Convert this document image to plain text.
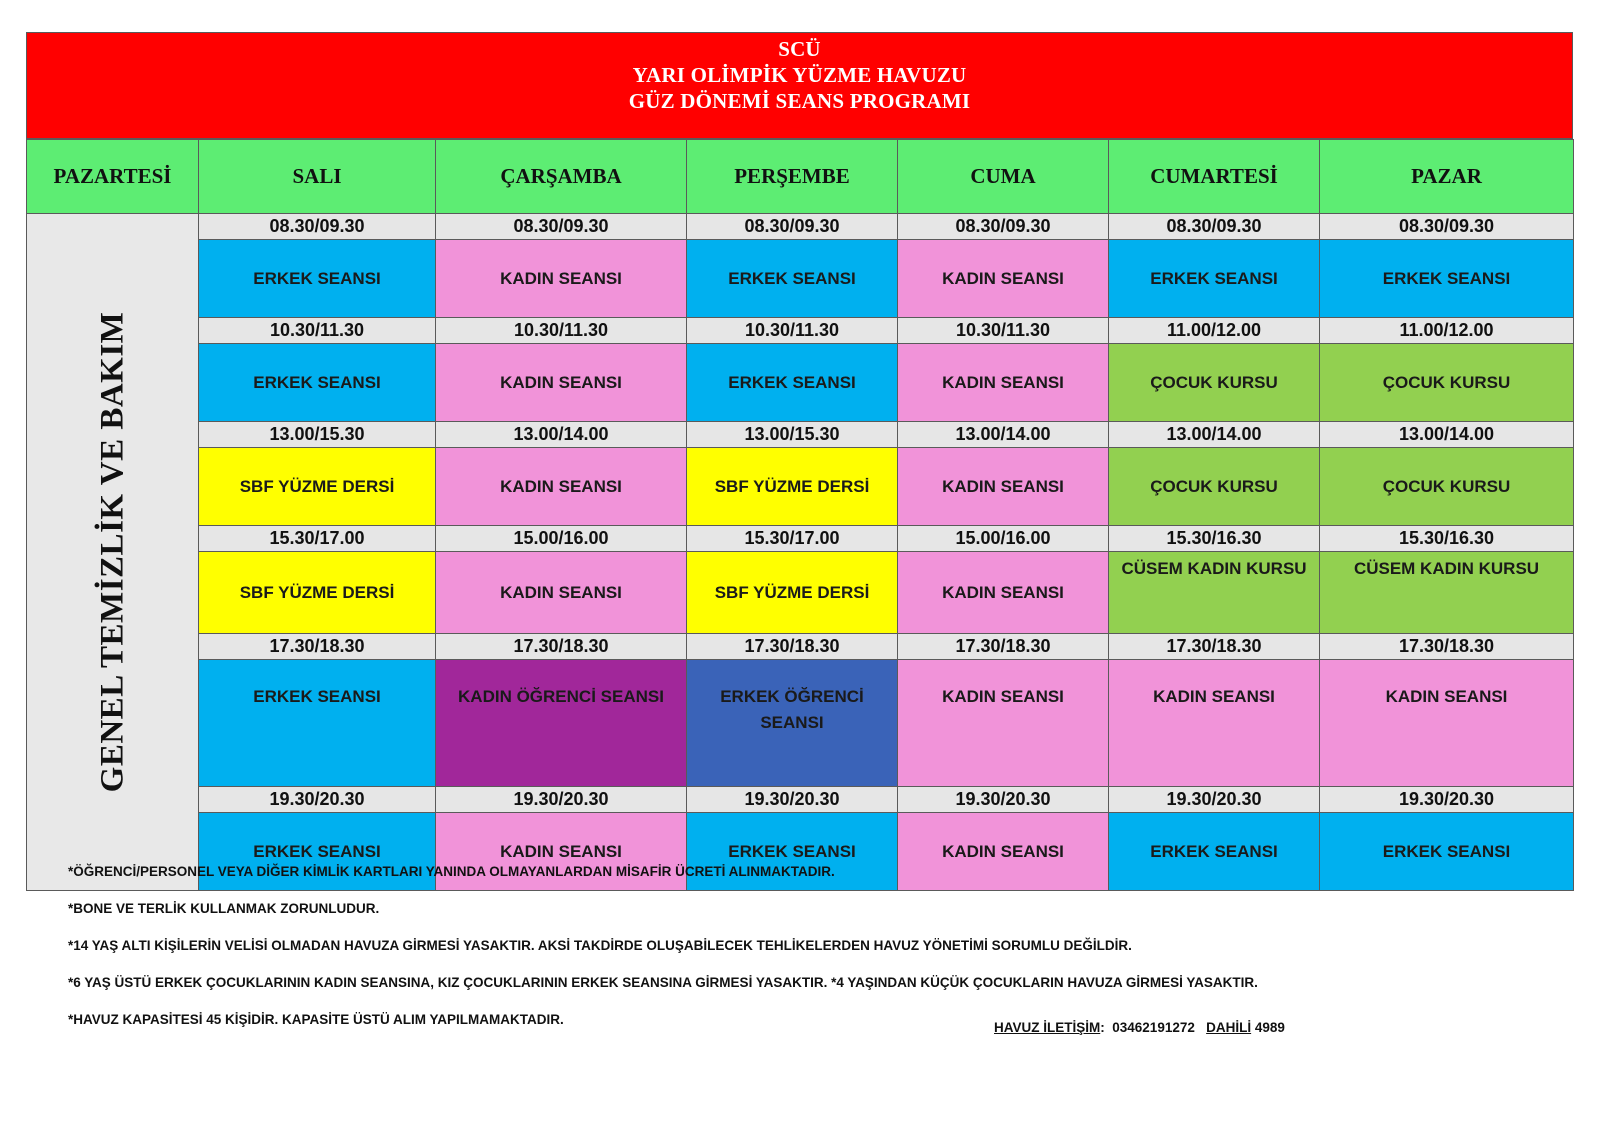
SCÜ
YARI OLİMPİK YÜZME HAVUZU
GÜZ DÖNEMİ SEANS PROGRAMI
PAZARTESİ	SALI	ÇARŞAMBA	PERŞEMBE	CUMA	CUMARTESİ	PAZAR

GENEL TEMİZLİK VE BAKIM	08.30/09.30	08.30/09.30	08.30/09.30	08.30/09.30	08.30/09.30	08.30/09.30
	ERKEK SEANSI	KADIN SEANSI	ERKEK SEANSI	KADIN SEANSI	ERKEK SEANSI	ERKEK SEANSI
	10.30/11.30	10.30/11.30	10.30/11.30	10.30/11.30	11.00/12.00	11.00/12.00
	ERKEK SEANSI	KADIN SEANSI	ERKEK SEANSI	KADIN SEANSI	ÇOCUK KURSU	ÇOCUK KURSU
	13.00/15.30	13.00/14.00	13.00/15.30	13.00/14.00	13.00/14.00	13.00/14.00
	SBF YÜZME DERSİ	KADIN SEANSI	SBF YÜZME DERSİ	KADIN SEANSI	ÇOCUK KURSU	ÇOCUK KURSU
	15.30/17.00	15.00/16.00	15.30/17.00	15.00/16.00	15.30/16.30	15.30/16.30
	SBF YÜZME DERSİ	KADIN SEANSI	SBF YÜZME DERSİ	KADIN SEANSI	CÜSEM KADIN KURSU	CÜSEM KADIN KURSU
	17.30/18.30	17.30/18.30	17.30/18.30	17.30/18.30	17.30/18.30	17.30/18.30
	ERKEK SEANSI	KADIN ÖĞRENCİ SEANSI	ERKEK ÖĞRENCİ SEANSI	KADIN SEANSI	KADIN SEANSI	KADIN SEANSI
	19.30/20.30	19.30/20.30	19.30/20.30	19.30/20.30	19.30/20.30	19.30/20.30
	ERKEK SEANSI	KADIN SEANSI	ERKEK SEANSI	KADIN SEANSI	ERKEK SEANSI	ERKEK SEANSI
*ÖĞRENCİ/PERSONEL VEYA DİĞER KİMLİK KARTLARI YANINDA OLMAYANLARDAN MİSAFİR ÜCRETİ ALINMAKTADIR.
*BONE VE TERLİK KULLANMAK ZORUNLUDUR.
*14 YAŞ ALTI KİŞİLERİN VELİSİ OLMADAN HAVUZA GİRMESİ YASAKTIR. AKSİ TAKDİRDE OLUŞABİLECEK TEHLİKELERDEN HAVUZ YÖNETİMİ SORUMLU DEĞİLDİR.
*6 YAŞ ÜSTÜ ERKEK ÇOCUKLARININ KADIN SEANSINA, KIZ ÇOCUKLARININ ERKEK SEANSINA GİRMESİ YASAKTIR. *4 YAŞINDAN KÜÇÜK ÇOCUKLARIN HAVUZA GİRMESİ YASAKTIR.
*HAVUZ KAPASİTESİ 45 KİŞİDİR. KAPASİTE ÜSTÜ ALIM YAPILMAMAKTADIR.
HAVUZ İLETİŞİM: 03462191272 DAHİLİ 4989
